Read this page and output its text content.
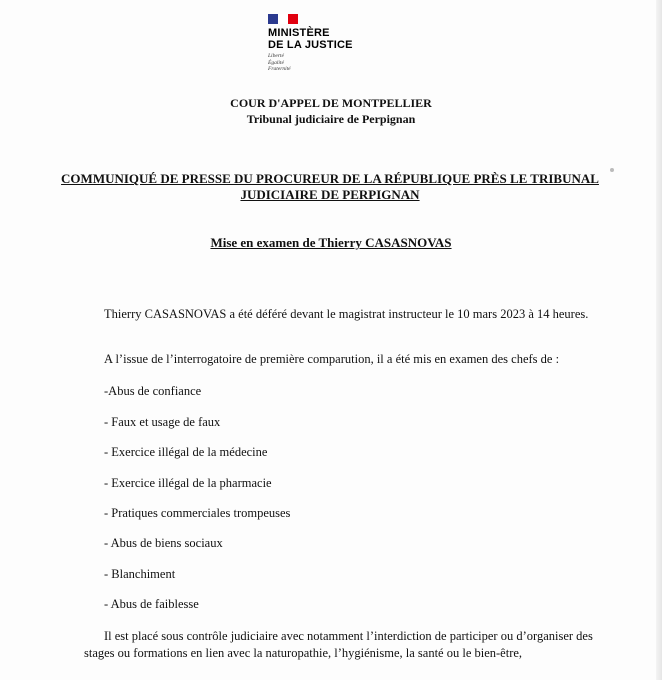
MINISTÈRE
DE LA JUSTICE
Liberté
Égalité
Fraternité
COUR D'APPEL DE MONTPELLIER
Tribunal judiciaire de Perpignan
COMMUNIQUÉ DE PRESSE DU PROCUREUR DE LA RÉPUBLIQUE PRÈS LE TRIBUNAL JUDICIAIRE DE PERPIGNAN
Mise en examen de Thierry CASASNOVAS
Thierry CASASNOVAS a été déféré devant le magistrat instructeur le 10 mars 2023 à 14 heures.
A l’issue de l’interrogatoire de première comparution, il a été mis en examen des chefs de :
-Abus de confiance
- Faux et usage de faux
- Exercice illégal de la médecine
- Exercice illégal de la pharmacie
- Pratiques commerciales trompeuses
- Abus de biens sociaux
- Blanchiment
- Abus de faiblesse
Il est placé sous contrôle judiciaire avec notamment l’interdiction de participer ou d’organiser des stages ou formations en lien avec la naturopathie, l’hygiénisme, la santé ou le bien-être,
